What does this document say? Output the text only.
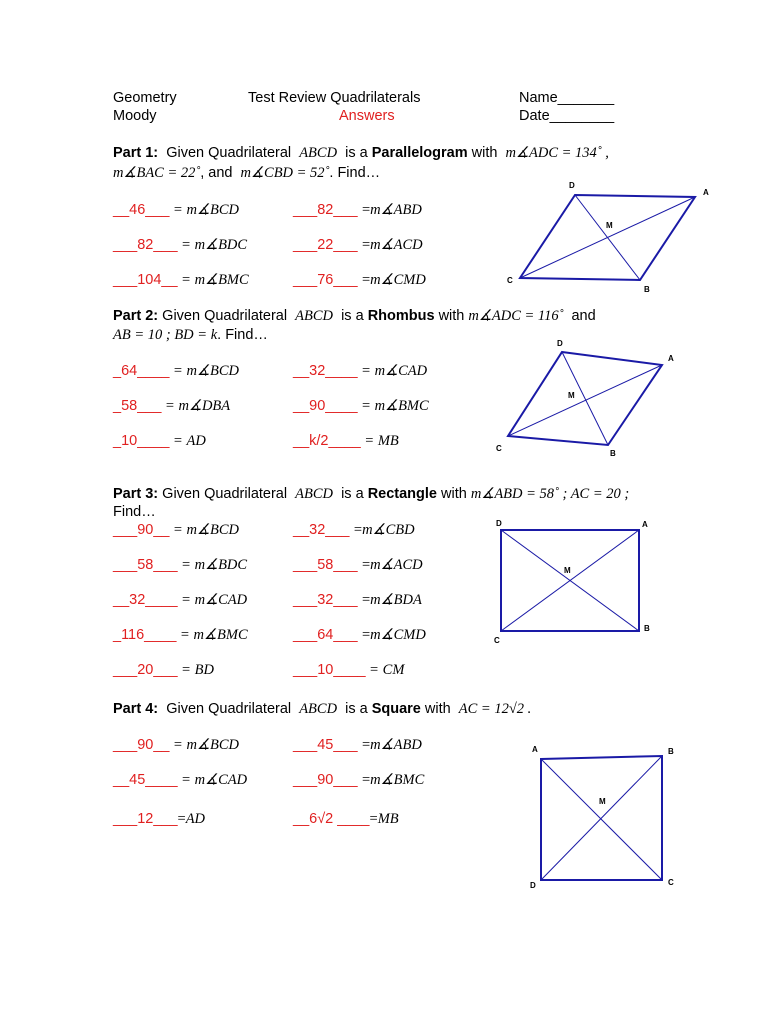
Geometry
Moody
Test Review Quadrilaterals
Answers
Name_______
Date________
Part 1: Given Quadrilateral ABCD is a Parallelogram with m∡ADC = 134˚ ,
m∡BAC = 22˚, and m∡CBD = 52˚. Find…
__46___ = m∡BCD	___82___ =m∡ABD
___82___ = m∡BDC	___22___ =m∡ACD
___104__ = m∡BMC	___76___ =m∡CMD
A
B
C
D
M
Part 2: Given Quadrilateral ABCD is a Rhombus with m∡ADC = 116˚ and
AB = 10 ; BD = k. Find…
_64____ = m∡BCD	__32____ = m∡CAD
_58___ = m∡DBA	__90____ = m∡BMC
_10____ = AD	__k/2____ = MB
A
B
C
D
M
Part 3: Given Quadrilateral ABCD is a Rectangle with m∡ABD = 58˚ ; AC = 20 ;
Find…
___90__ = m∡BCD	__32___ =m∡CBD
___58___ = m∡BDC	___58___ =m∡ACD
__32____ = m∡CAD	___32___ =m∡BDA
_116____ = m∡BMC	___64___ =m∡CMD
___20___ = BD	___10____ = CM
A
B
C
D
M
Part 4: Given Quadrilateral ABCD is a Square with AC = 12√2 .
___90__ = m∡BCD	___45___ =m∡ABD
__45____ = m∡CAD	___90___ =m∡BMC
___12___=AD	__6√2 ____=MB
A	B
C
D
M
